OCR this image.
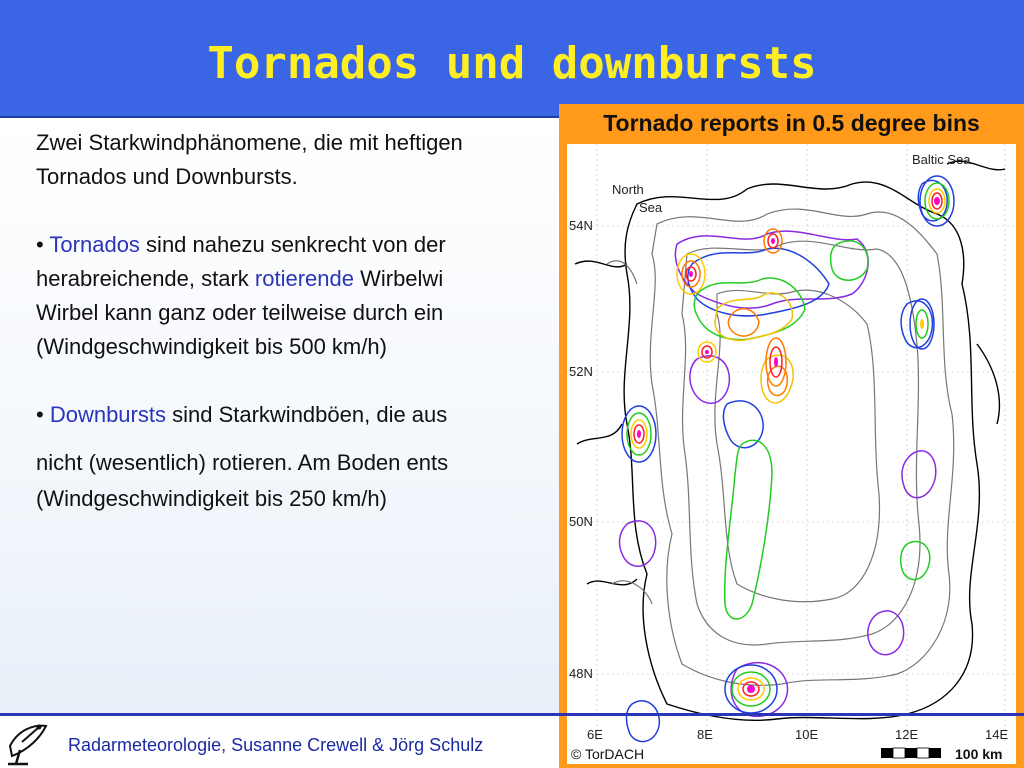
Tornados und downbursts
Zwei Starkwindphänomene, die mit heftigen
Tornados und Downbursts.
• Tornados sind nahezu senkrecht von der
herabreichende, stark rotierende Wirbelwi
Wirbel kann ganz oder teilweise durch ein
(Windgeschwindigkeit bis 500 km/h)
• Downbursts sind Starkwindböen, die aus
nicht (wesentlich) rotieren. Am Boden ents
(Windgeschwindigkeit bis 250 km/h)
Tornado reports in 0.5 degree bins
North
Sea
Baltic Sea
54N
52N
50N
48N
6E	8E	10E	12E	14E
© TorDACH	100 km
Radarmeteorologie, Susanne Crewell & Jörg Schulz
